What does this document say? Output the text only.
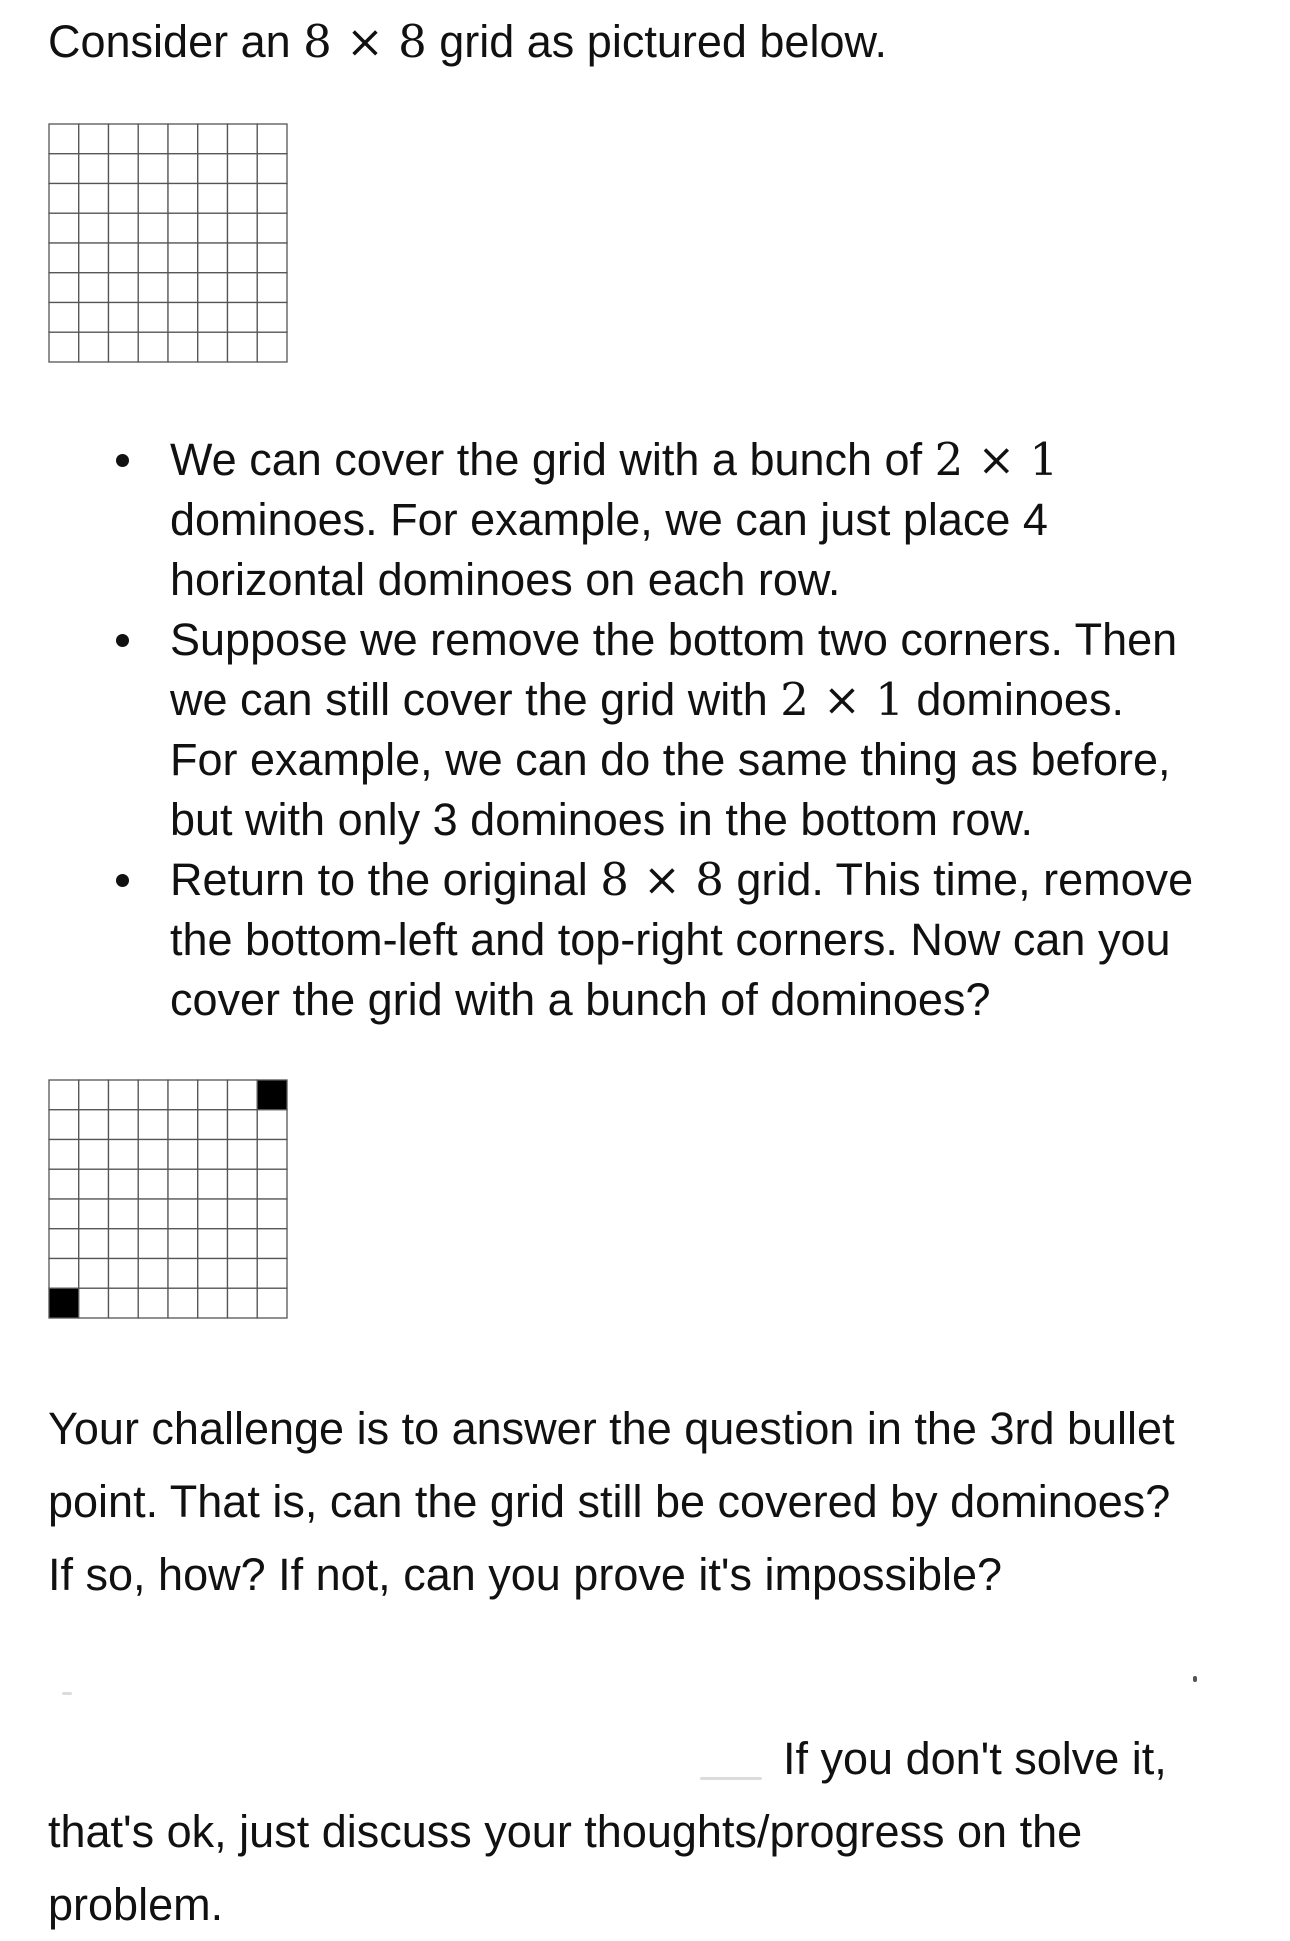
Consider an 8 × 8 grid as pictured below.
We can cover the grid with a bunch of 2 × 1
dominoes. For example, we can just place 4
horizontal dominoes on each row.
Suppose we remove the bottom two corners. Then
we can still cover the grid with 2 × 1 dominoes.
For example, we can do the same thing as before,
but with only 3 dominoes in the bottom row.
Return to the original 8 × 8 grid. This time, remove
the bottom-left and top-right corners. Now can you
cover the grid with a bunch of dominoes?
Your challenge is to answer the question in the 3rd bullet
point. That is, can the grid still be covered by dominoes?
If so, how? If not, can you prove it's impossible?
If you don't solve it,
that's ok, just discuss your thoughts/progress on the
problem.
